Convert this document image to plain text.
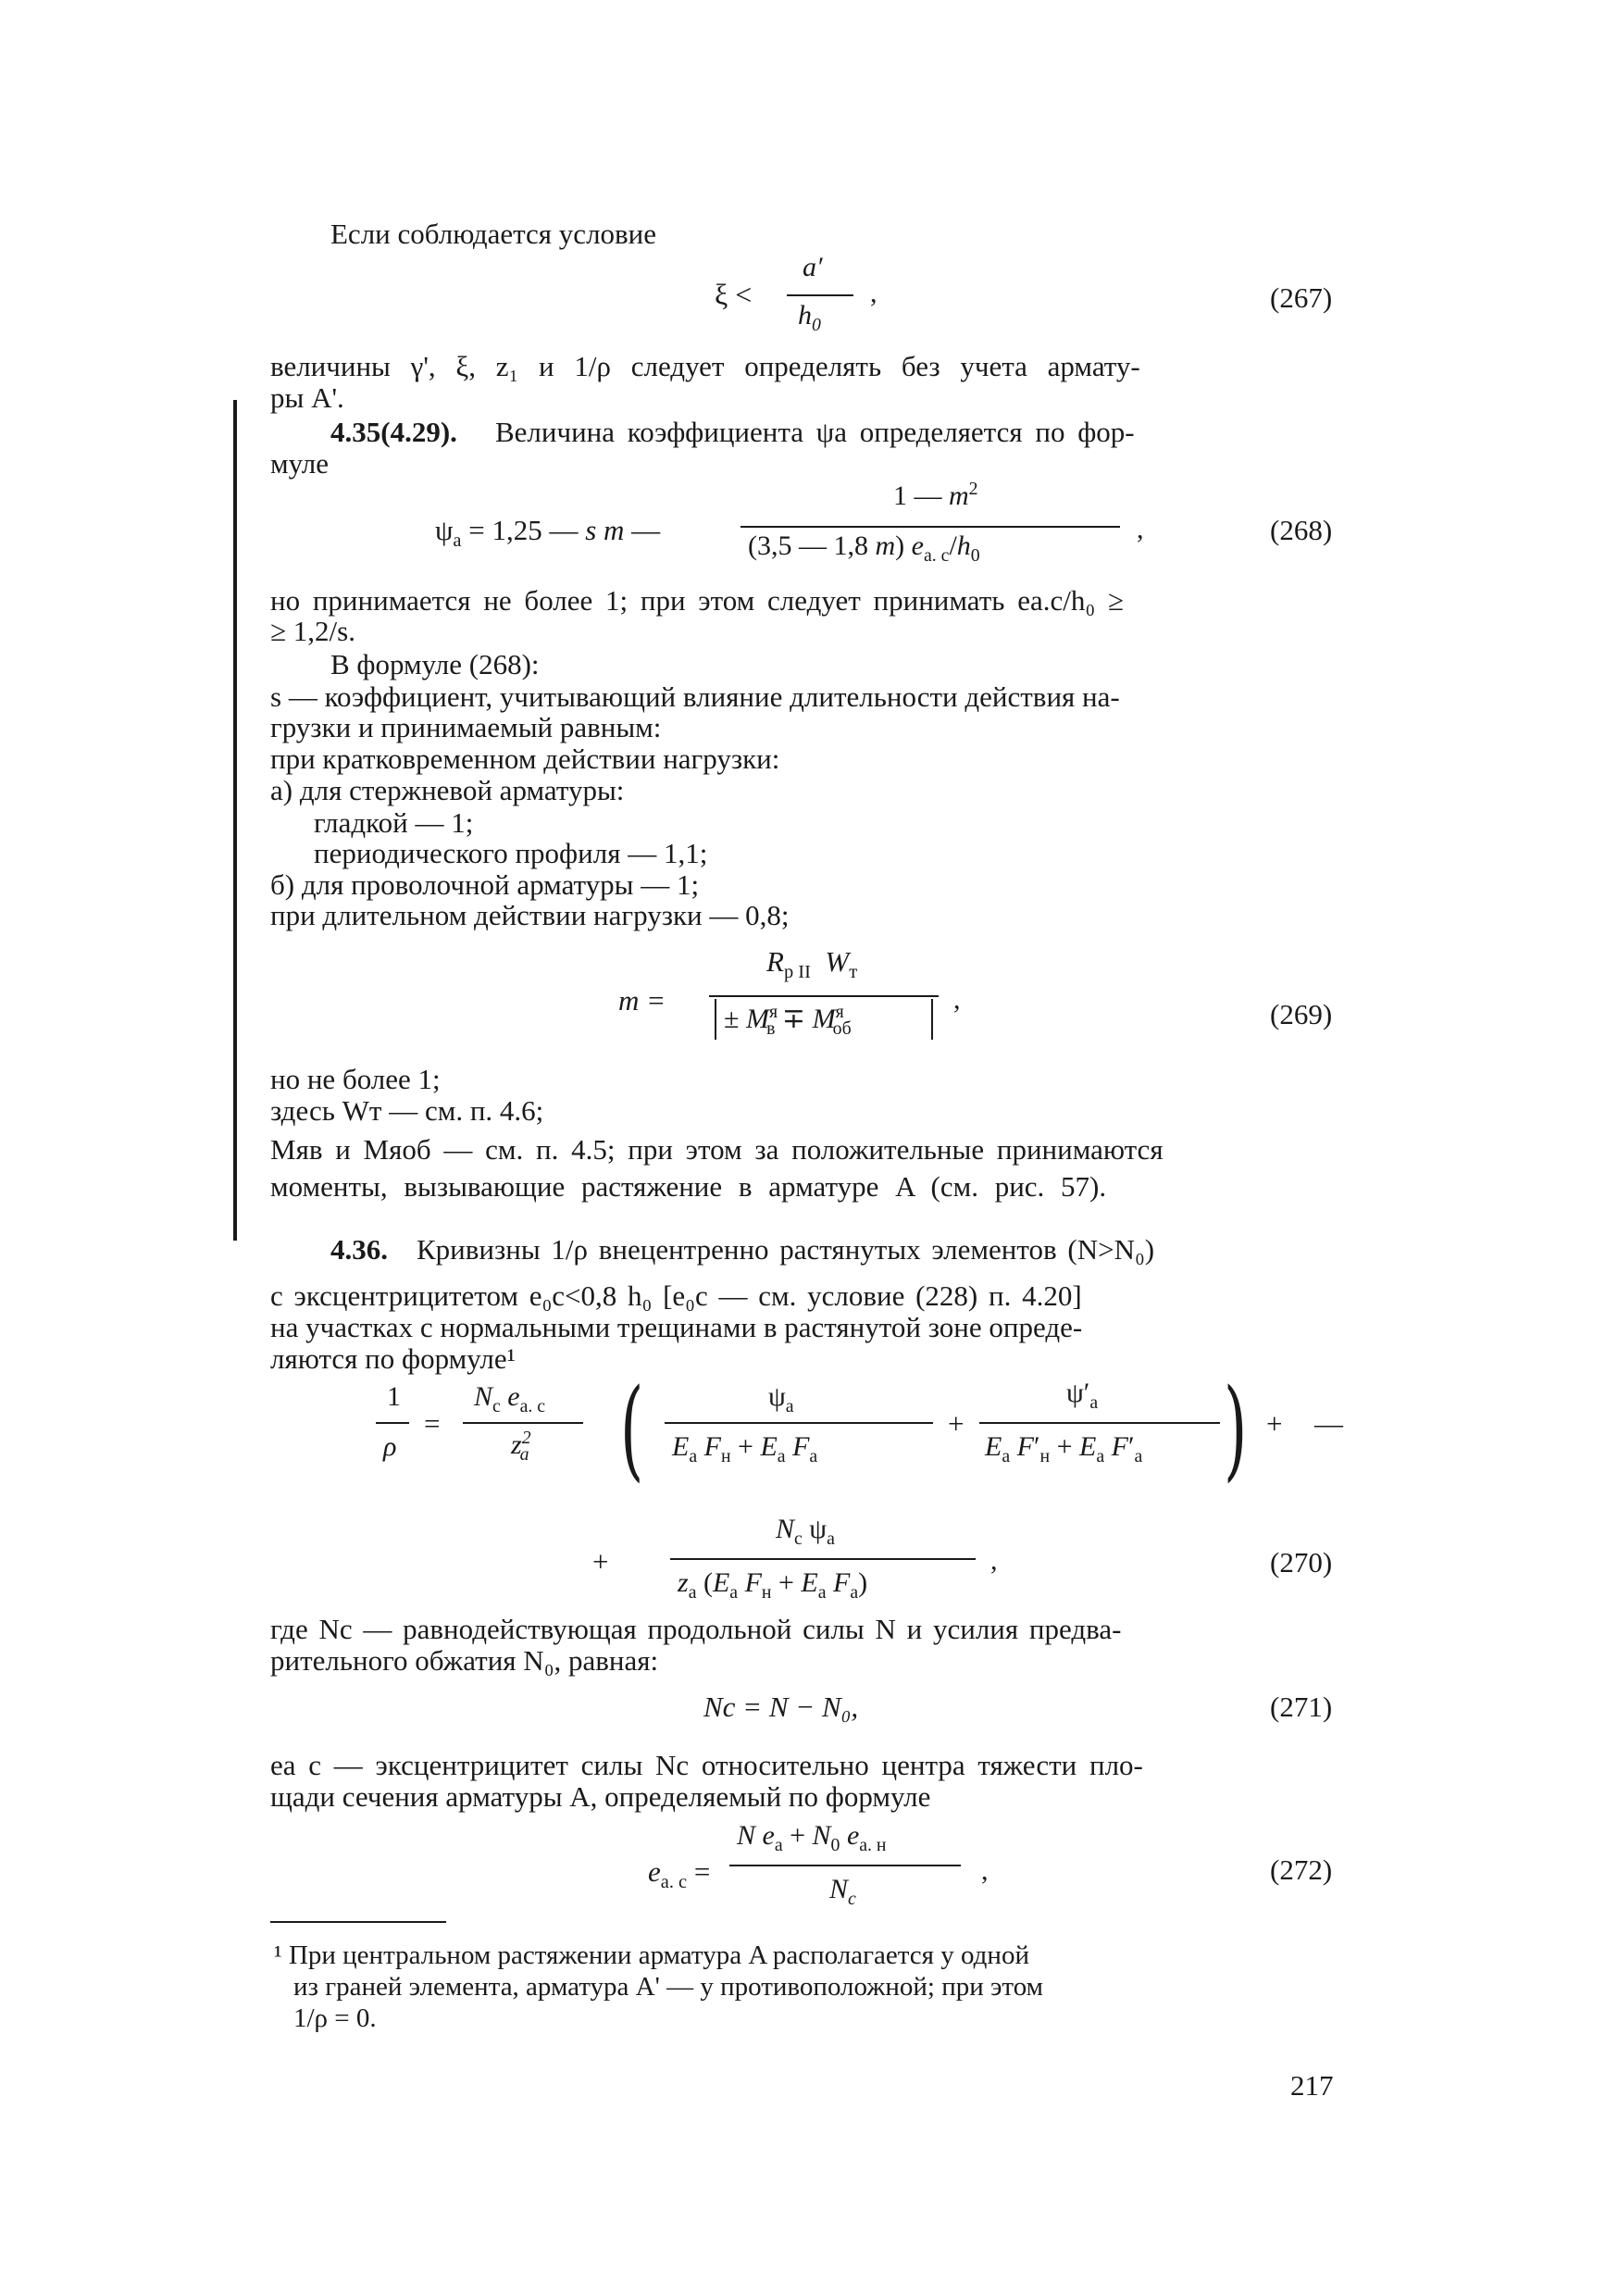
Если соблюдается условие
ξ <
a′
$h_0$
,	(267)
величины γ', ξ, z₁ и 1/ρ следует определять без учета армату-
ры A'.
4.35(4.29). Величина коэффициента ψа определяется по фор-
муле
$\psi_а = 1,25$ — s m —
1 — $m^2$
(3,5 — 1,8 m) $e_{а. с}/h_0$
,	(268)
но принимается не более 1; при этом следует принимать eа.с/h₀ ≥
≥ 1,2/s.
В формуле (268):
s — коэффициент, учитывающий влияние длительности действия на-
грузки и принимаемый равным:
при кратковременном действии нагрузки:
а) для стержневой арматуры:
гладкой — 1;
периодического профиля — 1,1;
б) для проволочной арматуры — 1;
при длительном действии нагрузки — 0,8;
m =
$R_{р II}$ $W_т$
± $M^я_в \mp M^я_{об}$
,	(269)
но не более 1;
здесь Wт — см. п. 4.6;
Mяв и Mяоб — см. п. 4.5; при этом за положительные принимаются
моменты, вызывающие растяжение в арматуре A (см. рис. 57).
4.36. Кривизны 1/ρ внецентренно растянутых элементов (N>N₀)
с эксцентрицитетом e₀с<0,8 h₀ [e₀с — см. условие (228) п. 4.20]
на участках с нормальными трещинами в растянутой зоне опреде-
ляются по формуле¹
1
ρ
=
$N_с$ $e_{а. с}$
$z^2_а$ (	$\psi_а$
$E_а$ $F_н + E_а$ $F_а$
+
$\psi'_а$
$E_а$ $F'_н + E_а$ $F'_а$ ) + —
+
$N_с$ $\psi_а$
$z_а$ ($E_а$ $F_н + E_а$ $F_а$)
,	(270)
где Nс — равнодействующая продольной силы N и усилия предва-
рительного обжатия N₀, равная:
Nс = N − N₀,	(271)
eа с — эксцентрицитет силы Nс относительно центра тяжести пло-
щади сечения арматуры A, определяемый по формуле
$e_{а. с}$ =
N $e_а + N_0$ $e_{а. н}$
$N_с$
,	(272)
¹ При центральном растяжении арматура A располагается у одной
из граней элемента, арматура A' — у противоположной; при этом
1/ρ = 0.
217
